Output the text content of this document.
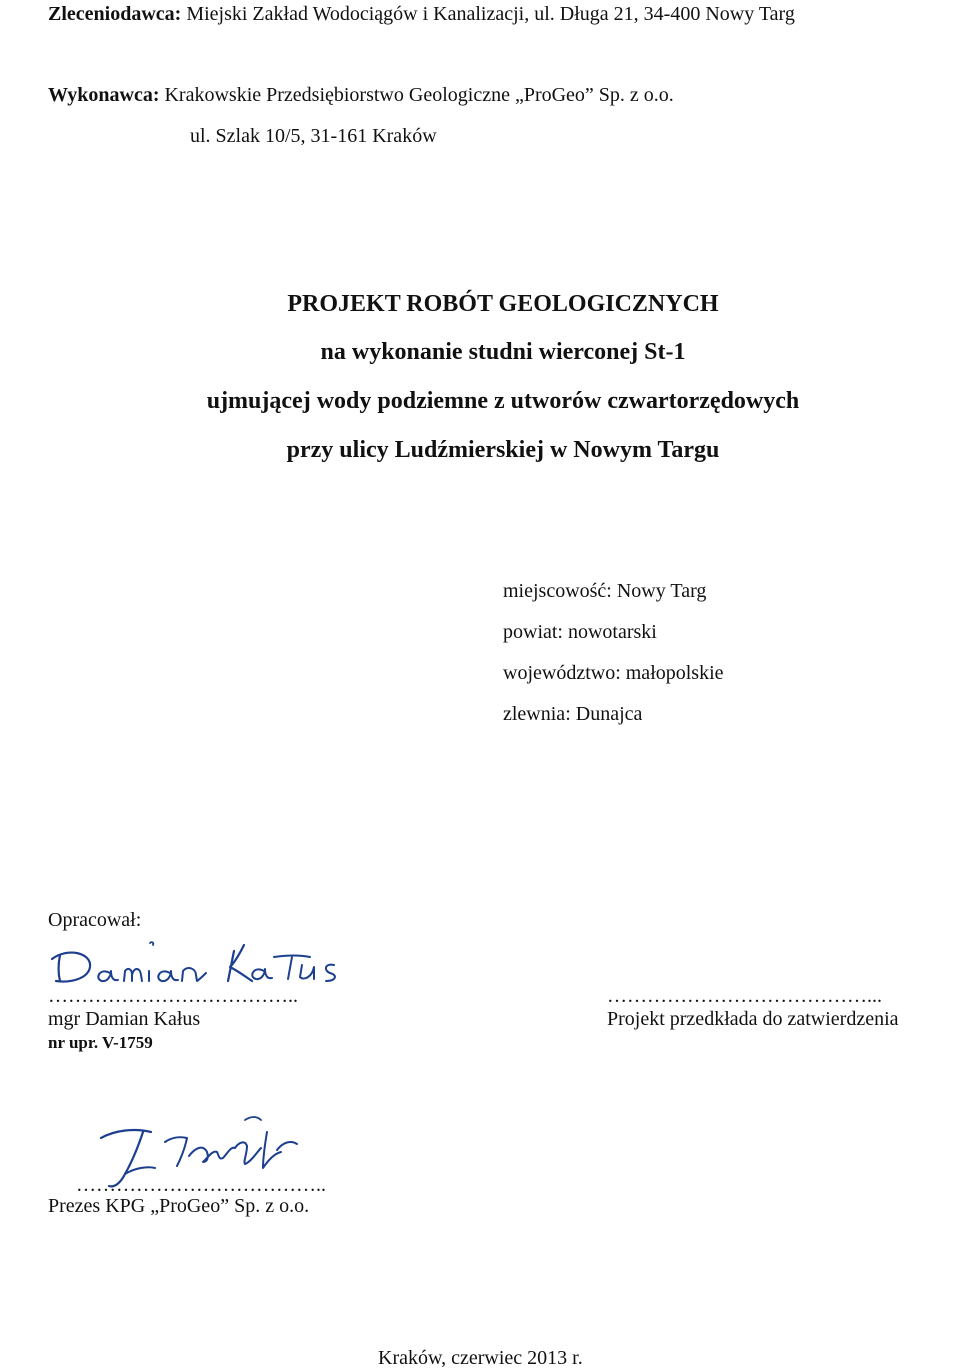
Zleceniodawca: Miejski Zakład Wodociągów i Kanalizacji, ul. Długa 21, 34-400 Nowy Targ
Wykonawca: Krakowskie Przedsiębiorstwo Geologiczne „ProGeo” Sp. z o.o.
ul. Szlak 10/5, 31-161 Kraków
PROJEKT ROBÓT GEOLOGICZNYCH
na wykonanie studni wierconej St-1
ujmującej wody podziemne z utworów czwartorzędowych
przy ulicy Ludźmierskiej w Nowym Targu
miejscowość: Nowy Targ
powiat: nowotarski
województwo: małopolskie
zlewnia: Dunajca
Opracował:
………………………………..
mgr Damian Kałus
nr upr. V-1759
…………………………………...
Projekt przedkłada do zatwierdzenia
………………………………..
Prezes KPG „ProGeo” Sp. z o.o.
Kraków, czerwiec 2013 r.
